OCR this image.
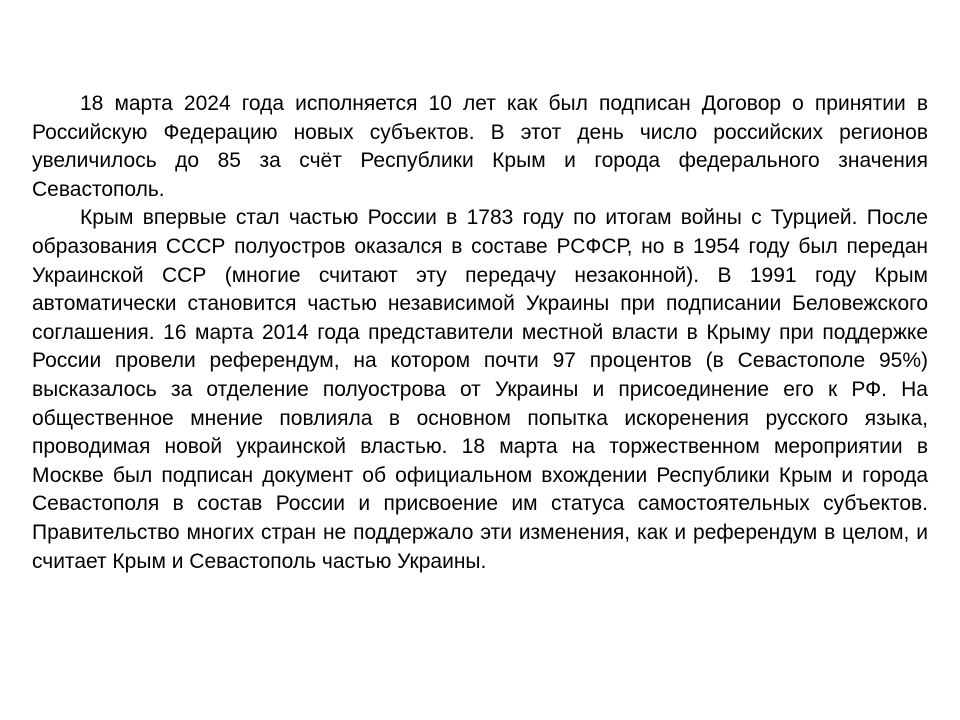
18 марта 2024 года исполняется 10 лет как был подписан Договор о принятии в Российскую Федерацию новых субъектов. В этот день число российских регионов увеличилось до 85 за счёт Республики Крым и города федерального значения Севастополь.

Крым впервые стал частью России в 1783 году по итогам войны с Турцией. После образования СССР полуостров оказался в составе РСФСР, но в 1954 году был передан Украинской ССР (многие считают эту передачу незаконной). В 1991 году Крым автоматически становится частью независимой Украины при подписании Беловежского соглашения. 16 марта 2014 года представители местной власти в Крыму при поддержке России провели референдум, на котором почти 97 процентов (в Севастополе 95%) высказалось за отделение полуострова от Украины и присоединение его к РФ. На общественное мнение повлияла в основном попытка искоренения русского языка, проводимая новой украинской властью. 18 марта на торжественном мероприятии в Москве был подписан документ об официальном вхождении Республики Крым и города Севастополя в состав России и присвоение им статуса самостоятельных субъектов. Правительство многих стран не поддержало эти изменения, как и референдум в целом, и считает Крым и Севастополь частью Украины.
